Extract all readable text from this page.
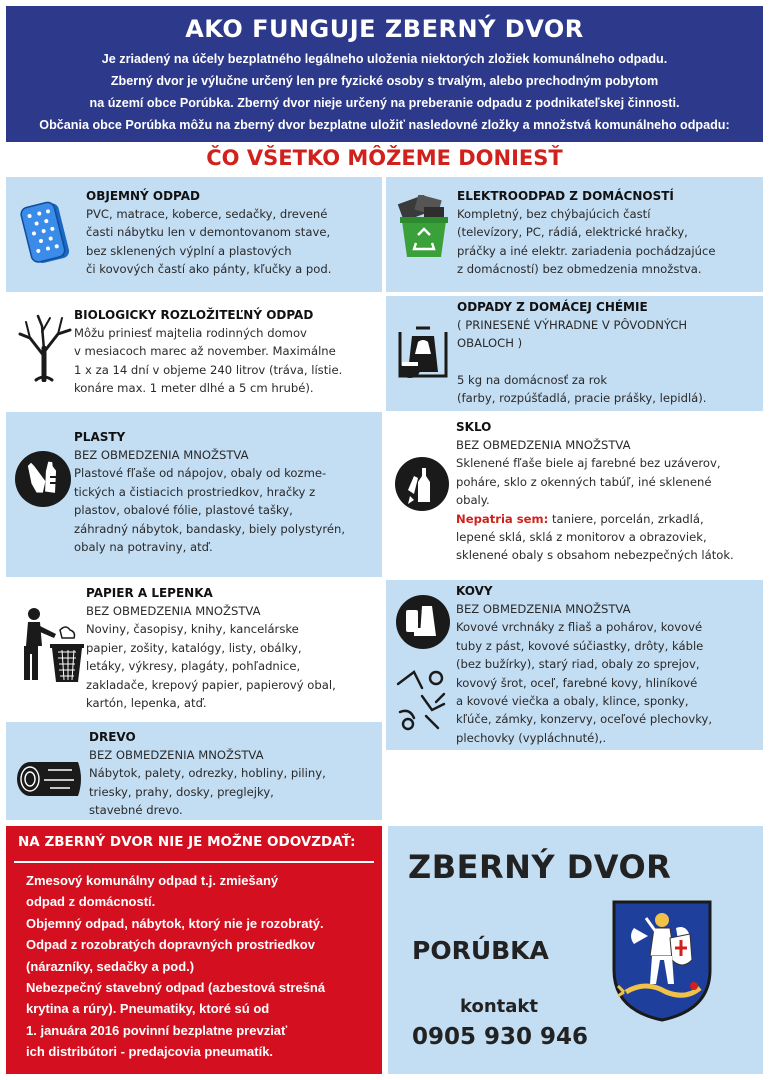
AKO FUNGUJE ZBERNÝ DVOR

Je zriadený na účely bezplatného legálneho uloženia niektorých zložiek komunálneho odpadu.

Zberný dvor je výlučne určený len pre fyzické osoby s trvalým, alebo prechodným pobytom

na území obce Porúbka. Zberný dvor nieje určený na preberanie odpadu z podnikateľskej činnosti.

Občania obce Porúbka môžu na zberný dvor bezplatne uložiť nasledovné zložky a množstvá komunálneho odpadu:

ČO VŠETKO MÔŽEME DONIESŤ
OBJEMNÝ ODPAD
PVC, matrace, koberce, sedačky, drevené
časti nábytku len v demontovanom stave,
bez sklenených výplní a plastových
či kovových častí ako pánty, kľučky a pod.
ELEKTROODPAD Z DOMÁCNOSTÍ
Kompletný, bez chýbajúcich častí
(televízory, PC, rádiá, elektrické hračky,
práčky a iné elektr. zariadenia pochádzajúce
z domácností) bez obmedzenia množstva.
BIOLOGICKY ROZLOŽITEĽNÝ ODPAD
Môžu priniesť majtelia rodinných domov
v mesiacoch marec až november. Maximálne
1 x za 14 dní v objeme 240 litrov (tráva, lístie.
konáre max. 1 meter dlhé a 5 cm hrubé).
ODPADY Z DOMÁCEJ CHÉMIE
( PRINESENÉ VÝHRADNE V PÔVODNÝCH
OBALOCH )
5 kg na domácnosť za rok
(farby, rozpúšťadlá, pracie prášky, lepidlá).
PLASTY
BEZ OBMEDZENIA MNOŽSTVA
Plastové fľaše od nápojov, obaly od kozme-
tických a čistiacich prostriedkov, hračky z
plastov, obalové fólie, plastové tašky,
záhradný nábytok, bandasky, biely polystyrén,
obaly na potraviny, atď.
SKLO
BEZ OBMEDZENIA MNOŽSTVA
Sklenené fľaše biele aj farebné bez uzáverov,
poháre, sklo z okenných tabúľ, iné sklenené
obaly.
Nepatria sem: taniere, porcelán, zrkadlá,
lepené sklá, sklá z monitorov a obrazoviek,
sklenené obaly s obsahom nebezpečných látok.
PAPIER A LEPENKA
BEZ OBMEDZENIA MNOŽSTVA
Noviny, časopisy, knihy, kancelárske
papier, zošity, katalógy, listy, obálky,
letáky, výkresy, plagáty, pohľadnice,
zakladače, krepový papier, papierový obal,
kartón, lepenka, atď.
KOVY
BEZ OBMEDZENIA MNOŽSTVA
Kovové vrchnáky z fliaš a pohárov, kovové
tuby z pást, kovové súčiastky, drôty, káble
(bez bužírky), starý riad, obaly zo sprejov,
kovový šrot, oceľ, farebné kovy, hliníkové
a kovové viečka a obaly, klince, sponky,
kľúče, zámky, konzervy, oceľové plechovky,
plechovky (vypláchnuté),.
DREVO
BEZ OBMEDZENIA MNOŽSTVA
Nábytok, palety, odrezky, hobliny, piliny,
triesky, prahy, dosky, preglejky,
stavebné drevo.
NA ZBERNÝ DVOR NIE JE MOŽNE ODOVZDAŤ:
Zmesový komunálny odpad t.j. zmiešaný
odpad z domácností.
Objemný odpad, nábytok, ktorý nie je rozobratý.
Odpad z rozobratých dopravných prostriedkov
(nárazníky, sedačky a pod.)
Nebezpečný stavebný odpad (azbestová strešná
krytina a rúry). Pneumatiky, ktoré sú od
1. januára 2016 povinní bezplatne prevziať
ich distribútori - predajcovia pneumatík.
ZBERNÝ DVOR
PORÚBKA
kontakt
0905 930 946
